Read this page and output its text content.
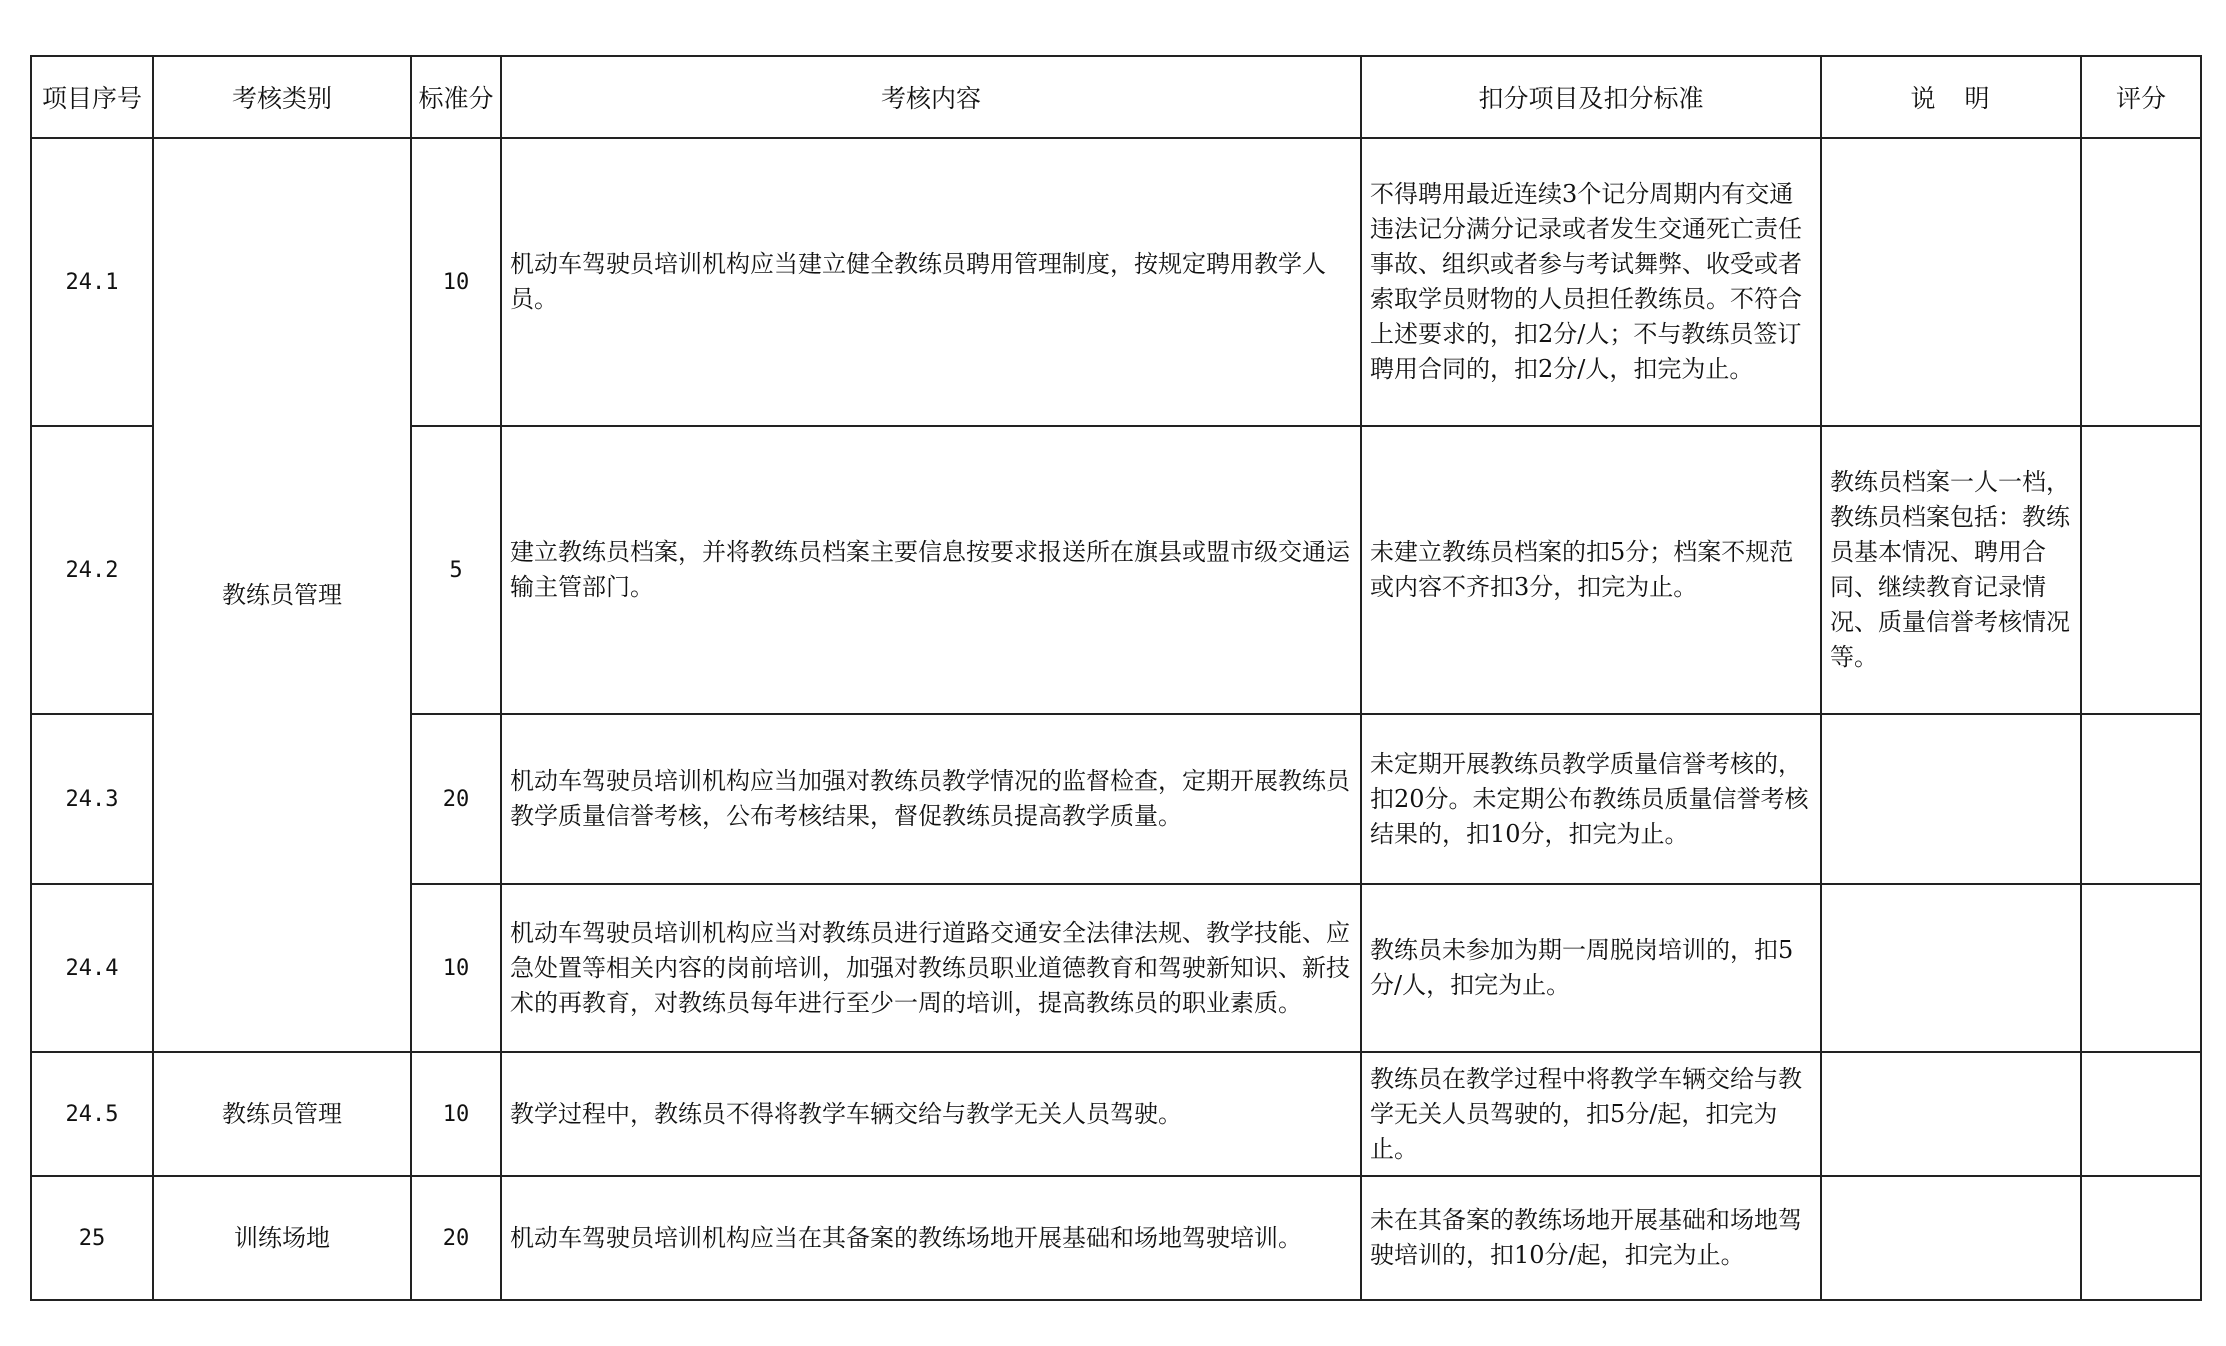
项目序号	考核类别	标准分	考核内容	扣分项目及扣分标准	说　明	评分
24.1	教练员管理	10	机动车驾驶员培训机构应当建立健全教练员聘用管理制度，按规定聘用教学人员。	不得聘用最近连续3个记分周期内有交通违法记分满分记录或者发生交通死亡责任事故、组织或者参与考试舞弊、收受或者索取学员财物的人员担任教练员。不符合上述要求的，扣2分/人；不与教练员签订聘用合同的，扣2分/人，扣完为止。		
24.2		5	建立教练员档案，并将教练员档案主要信息按要求报送所在旗县或盟市级交通运输主管部门。	未建立教练员档案的扣5分；档案不规范或内容不齐扣3分，扣完为止。	教练员档案一人一档，教练员档案包括：教练员基本情况、聘用合同、继续教育记录情况、质量信誉考核情况等。	
24.3		20	机动车驾驶员培训机构应当加强对教练员教学情况的监督检查，定期开展教练员教学质量信誉考核，公布考核结果，督促教练员提高教学质量。	未定期开展教练员教学质量信誉考核的，扣20分。未定期公布教练员质量信誉考核结果的，扣10分，扣完为止。		
24.4		10	机动车驾驶员培训机构应当对教练员进行道路交通安全法律法规、教学技能、应急处置等相关内容的岗前培训，加强对教练员职业道德教育和驾驶新知识、新技术的再教育，对教练员每年进行至少一周的培训，提高教练员的职业素质。	教练员未参加为期一周脱岗培训的，扣5分/人，扣完为止。		
24.5	教练员管理	10	教学过程中，教练员不得将教学车辆交给与教学无关人员驾驶。	教练员在教学过程中将教学车辆交给与教学无关人员驾驶的，扣5分/起，扣完为止。		
25	训练场地	20	机动车驾驶员培训机构应当在其备案的教练场地开展基础和场地驾驶培训。	未在其备案的教练场地开展基础和场地驾驶培训的，扣10分/起，扣完为止。		
